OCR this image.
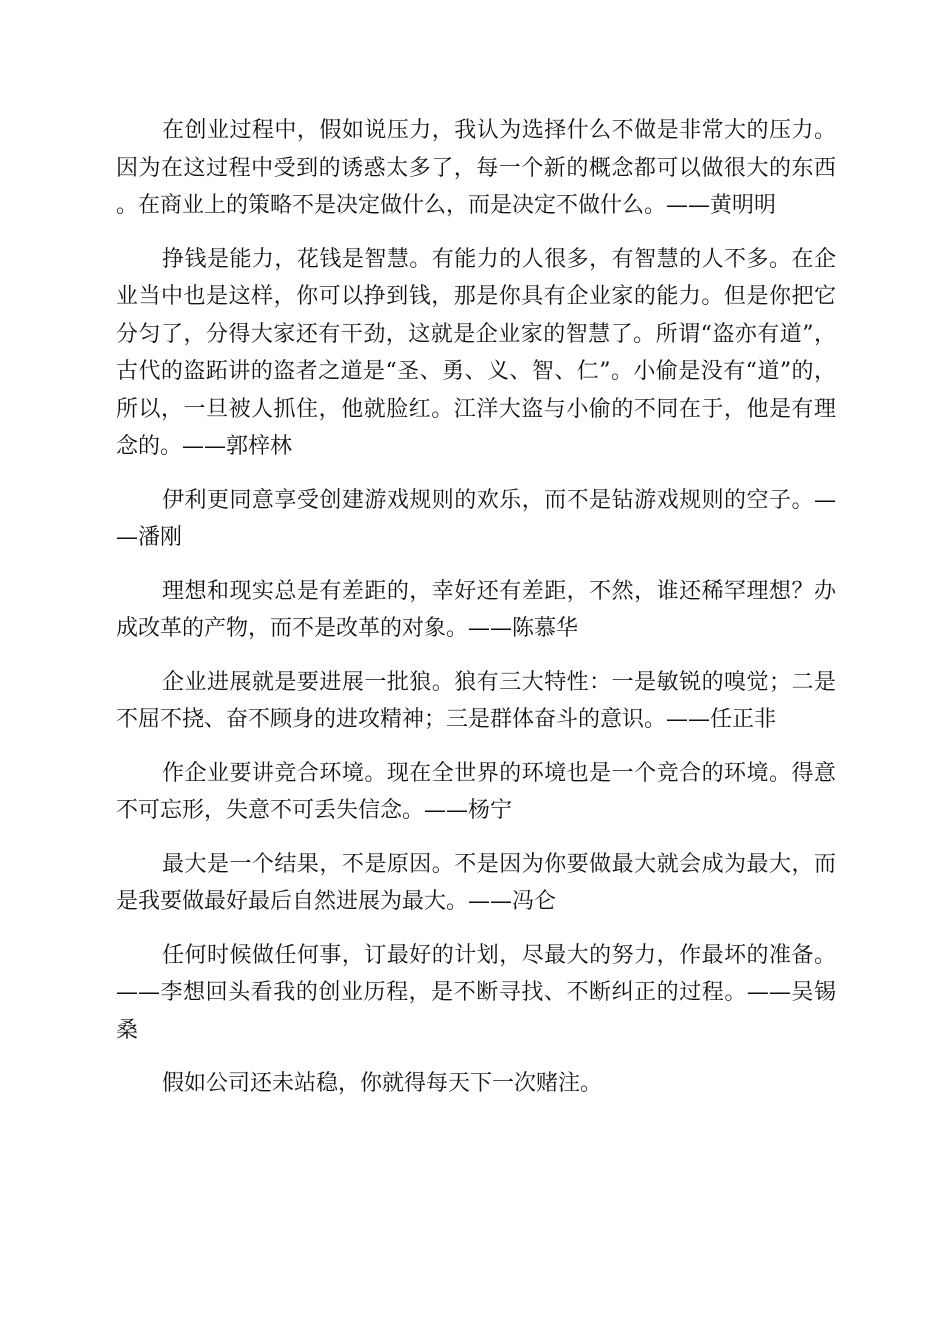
在创业过程中，假如说压力，我认为选择什么不做是非常大的压力。因为在这过程中受到的诱惑太多了，每一个新的概念都可以做很大的东西。在商业上的策略不是决定做什么，而是决定不做什么。——黄明明

挣钱是能力，花钱是智慧。有能力的人很多，有智慧的人不多。在企业当中也是这样，你可以挣到钱，那是你具有企业家的能力。但是你把它分匀了，分得大家还有干劲，这就是企业家的智慧了。所谓“盗亦有道”，古代的盗跖讲的盗者之道是“圣、勇、义、智、仁”。小偷是没有“道”的，所以，一旦被人抓住，他就脸红。江洋大盗与小偷的不同在于，他是有理念的。——郭梓林

伊利更同意享受创建游戏规则的欢乐，而不是钻游戏规则的空子。——潘刚

理想和现实总是有差距的，幸好还有差距，不然，谁还稀罕理想？办成改革的产物，而不是改革的对象。——陈慕华

企业进展就是要进展一批狼。狼有三大特性：一是敏锐的嗅觉；二是不屈不挠、奋不顾身的进攻精神；三是群体奋斗的意识。——任正非

作企业要讲竞合环境。现在全世界的环境也是一个竞合的环境。得意不可忘形，失意不可丢失信念。——杨宁

最大是一个结果，不是原因。不是因为你要做最大就会成为最大，而是我要做最好最后自然进展为最大。——冯仑

任何时候做任何事，订最好的计划，尽最大的努力，作最坏的准备。——李想回头看我的创业历程，是不断寻找、不断纠正的过程。——吴锡桑

假如公司还未站稳，你就得每天下一次赌注。
